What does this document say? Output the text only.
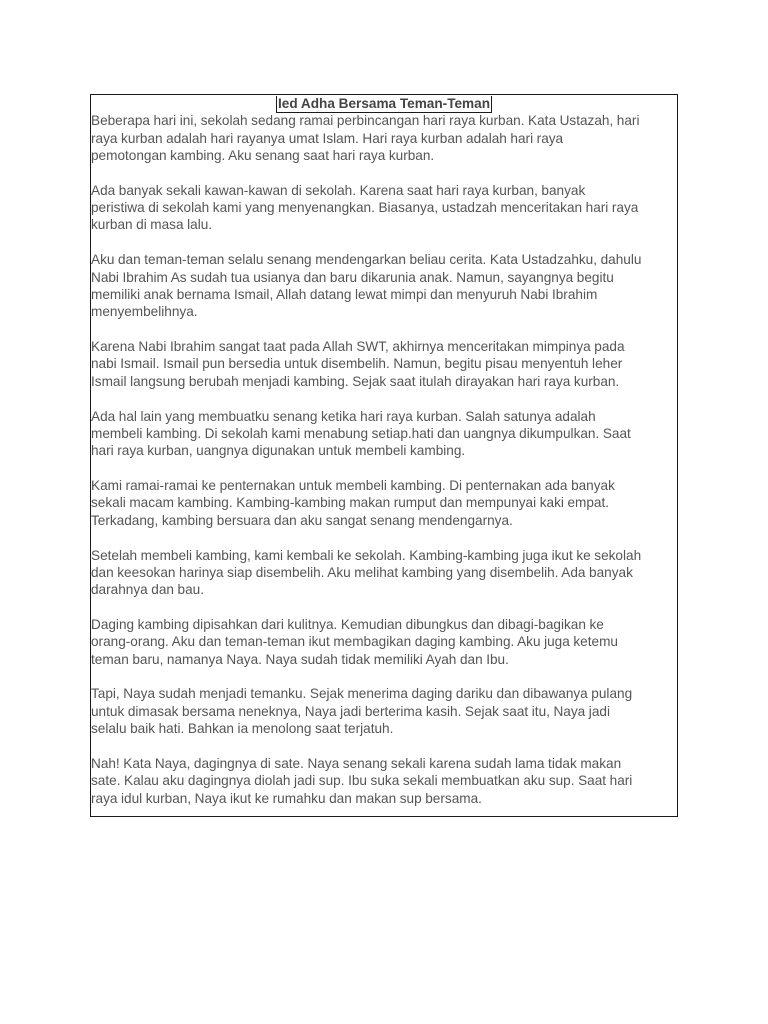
Ied Adha Bersama Teman-Teman
Beberapa hari ini, sekolah sedang ramai perbincangan hari raya kurban. Kata Ustazah, hari
raya kurban adalah hari rayanya umat Islam. Hari raya kurban adalah hari raya
pemotongan kambing. Aku senang saat hari raya kurban.
Ada banyak sekali kawan-kawan di sekolah. Karena saat hari raya kurban, banyak
peristiwa di sekolah kami yang menyenangkan. Biasanya, ustadzah menceritakan hari raya
kurban di masa lalu.
Aku dan teman-teman selalu senang mendengarkan beliau cerita. Kata Ustadzahku, dahulu
Nabi Ibrahim As sudah tua usianya dan baru dikarunia anak. Namun, sayangnya begitu
memiliki anak bernama Ismail, Allah datang lewat mimpi dan menyuruh Nabi Ibrahim
menyembelihnya.
Karena Nabi Ibrahim sangat taat pada Allah SWT, akhirnya menceritakan mimpinya pada
nabi Ismail. Ismail pun bersedia untuk disembelih. Namun, begitu pisau menyentuh leher
Ismail langsung berubah menjadi kambing. Sejak saat itulah dirayakan hari raya kurban.
Ada hal lain yang membuatku senang ketika hari raya kurban. Salah satunya adalah
membeli kambing. Di sekolah kami menabung setiap.hati dan uangnya dikumpulkan. Saat
hari raya kurban, uangnya digunakan untuk membeli kambing.
Kami ramai-ramai ke penternakan untuk membeli kambing. Di penternakan ada banyak
sekali macam kambing. Kambing-kambing makan rumput dan mempunyai kaki empat.
Terkadang, kambing bersuara dan aku sangat senang mendengarnya.
Setelah membeli kambing, kami kembali ke sekolah. Kambing-kambing juga ikut ke sekolah
dan keesokan harinya siap disembelih. Aku melihat kambing yang disembelih. Ada banyak
darahnya dan bau.
Daging kambing dipisahkan dari kulitnya. Kemudian dibungkus dan dibagi-bagikan ke
orang-orang. Aku dan teman-teman ikut membagikan daging kambing. Aku juga ketemu
teman baru, namanya Naya. Naya sudah tidak memiliki Ayah dan Ibu.
Tapi, Naya sudah menjadi temanku. Sejak menerima daging dariku dan dibawanya pulang
untuk dimasak bersama neneknya, Naya jadi berterima kasih. Sejak saat itu, Naya jadi
selalu baik hati. Bahkan ia menolong saat terjatuh.
Nah! Kata Naya, dagingnya di sate. Naya senang sekali karena sudah lama tidak makan
sate. Kalau aku dagingnya diolah jadi sup. Ibu suka sekali membuatkan aku sup. Saat hari
raya idul kurban, Naya ikut ke rumahku dan makan sup bersama.
